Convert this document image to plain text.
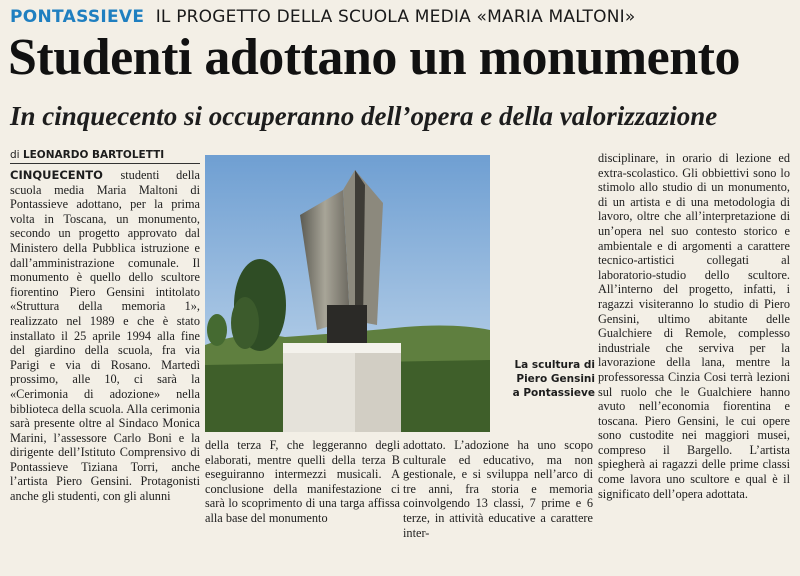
PONTASSIEVE IL PROGETTO DELLA SCUOLA MEDIA «MARIA MALTONI»
Studenti adottano un monumento
In cinquecento si occuperanno dell’opera e della valorizzazione
di LEONARDO BARTOLETTI
CINQUECENTO studenti della scuola media Maria Maltoni di Pontassieve adottano, per la prima volta in Toscana, un monumento, secondo un progetto approvato dal Ministero della Pubblica istruzione e dall’amministrazione comunale. Il monumento è quello dello scultore fiorentino Piero Gensini intitolato «Struttura della memoria 1», realizzato nel 1989 e che è stato installato il 25 aprile 1994 alla fine del giardino della scuola, fra via Parigi e via di Rosano. Martedì prossimo, alle 10, ci sarà la «Cerimonia di adozione» nella biblioteca della scuola. Alla cerimonia sarà presente oltre al Sindaco Monica Marini, l’assessore Carlo Boni e la dirigente dell’Istituto Comprensivo di Pontassieve Tiziana Torri, anche l’artista Piero Gensini. Protagonisti anche gli studenti, con gli alunni
La scultura di
Piero Gensini
a Pontassieve
della terza F, che leggeranno degli elaborati, mentre quelli della terza B eseguiranno intermezzi musicali. A conclusione della manifestazione ci sarà lo scoprimento di una targa affissa alla base del monumento
adottato. L’adozione ha uno scopo culturale ed educativo, ma non gestionale, e si sviluppa nell’arco di tre anni, fra storia e memoria coinvolgendo 13 classi, 7 prime e 6 terze, in attività educative a carattere inter-
disciplinare, in orario di lezione ed extra-scolastico. Gli obbiettivi sono lo stimolo allo studio di un monumento, di un artista e di una metodologia di lavoro, oltre che all’interpretazione di un’opera nel suo contesto storico e ambientale e di argomenti a carattere tecnico-artistici collegati al laboratorio-studio dello scultore. All’interno del progetto, infatti, i ragazzi visiteranno lo studio di Piero Gensini, ultimo abitante delle Gualchiere di Remole, complesso industriale che serviva per la lavorazione della lana, mentre la professoressa Cinzia Cosi terrà lezioni sul ruolo che le Gualchiere hanno avuto nell’economia fiorentina e toscana. Piero Gensini, le cui opere sono custodite nei maggiori musei, compreso il Bargello. L’artista spiegherà ai ragazzi delle prime classi come lavora uno scultore e qual è il significato dell’opera adottata.
